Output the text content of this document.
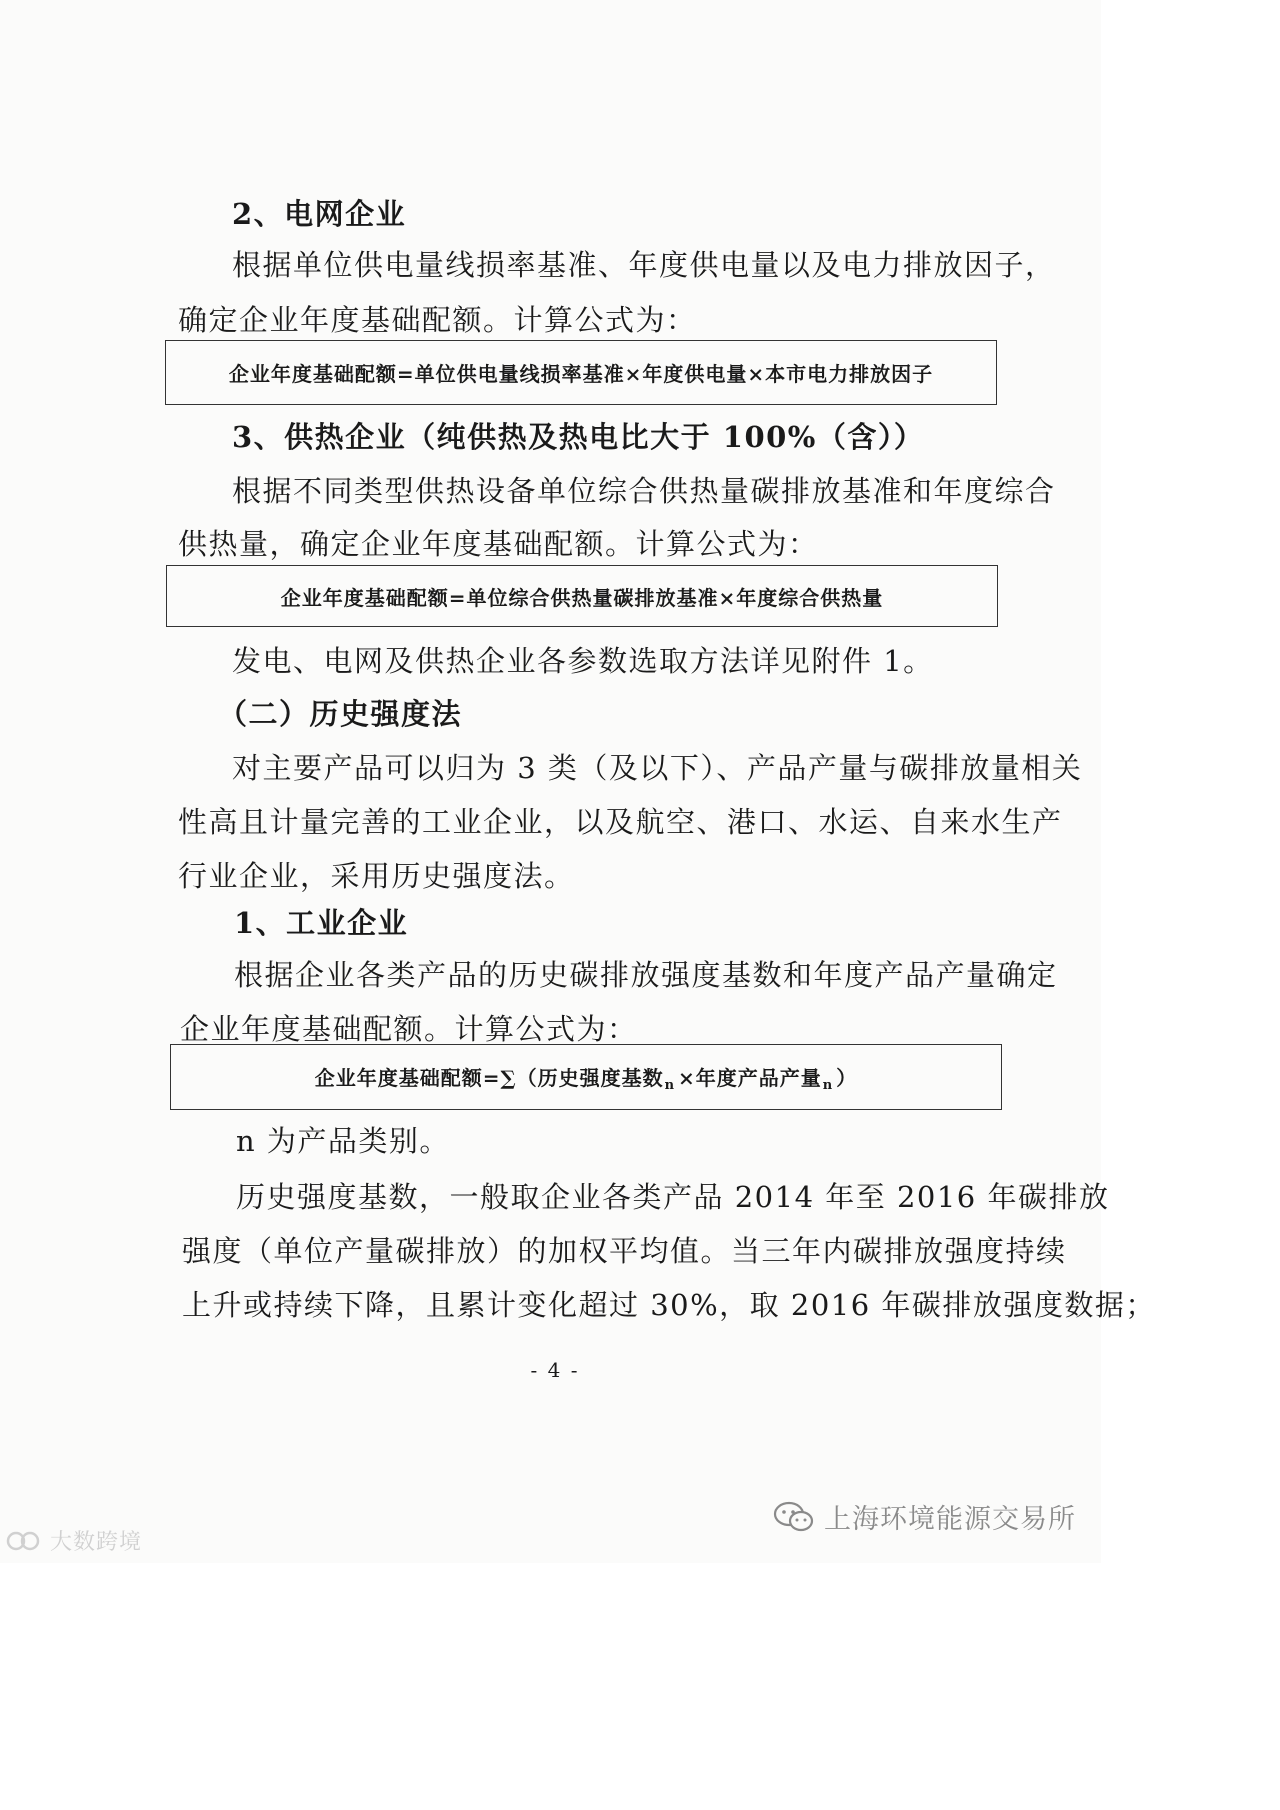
2、电网企业
根据单位供电量线损率基准、年度供电量以及电力排放因子，
确定企业年度基础配额。计算公式为：
企业年度基础配额=单位供电量线损率基准×年度供电量×本市电力排放因子
3、供热企业（纯供热及热电比大于 100%（含））
根据不同类型供热设备单位综合供热量碳排放基准和年度综合
供热量，确定企业年度基础配额。计算公式为：
企业年度基础配额=单位综合供热量碳排放基准×年度综合供热量
发电、电网及供热企业各参数选取方法详见附件 1。
（二）历史强度法
对主要产品可以归为 3 类（及以下）、产品产量与碳排放量相关
性高且计量完善的工业企业，以及航空、港口、水运、自来水生产
行业企业，采用历史强度法。
1、工业企业
根据企业各类产品的历史碳排放强度基数和年度产品产量确定
企业年度基础配额。计算公式为：
企业年度基础配额=∑（历史强度基数$_n$ ×年度产品产量$_n$ ）
n 为产品类别。
历史强度基数，一般取企业各类产品 2014 年至 2016 年碳排放
强度（单位产量碳排放）的加权平均值。当三年内碳排放强度持续
上升或持续下降，且累计变化超过 30%，取 2016 年碳排放强度数据；
- 4 -
大数跨境
上海环境能源交易所
